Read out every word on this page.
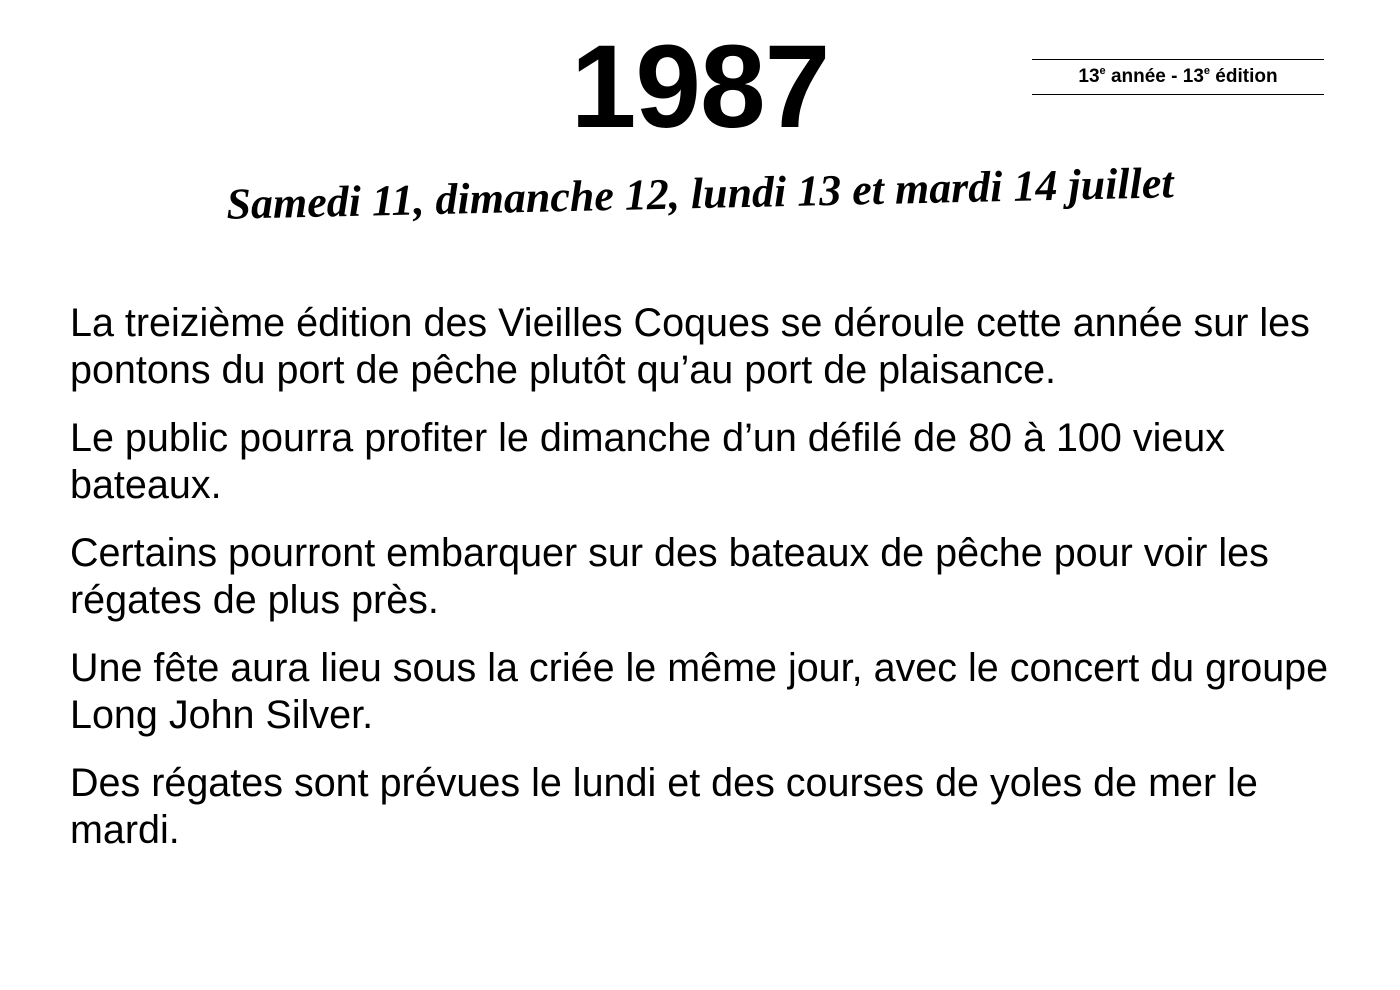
1987	13e année - 13e édition
Samedi 11, dimanche 12, lundi 13 et mardi 14 juillet

La treizième édition des Vieilles Coques se déroule cette année sur les pontons du port de pêche plutôt qu’au port de plaisance.

Le public pourra profiter le dimanche d’un défilé de 80 à 100 vieux bateaux.

Certains pourront embarquer sur des bateaux de pêche pour voir les régates de plus près.

Une fête aura lieu sous la criée le même jour, avec le concert du groupe Long John Silver.

Des régates sont prévues le lundi et des courses de yoles de mer le mardi.
